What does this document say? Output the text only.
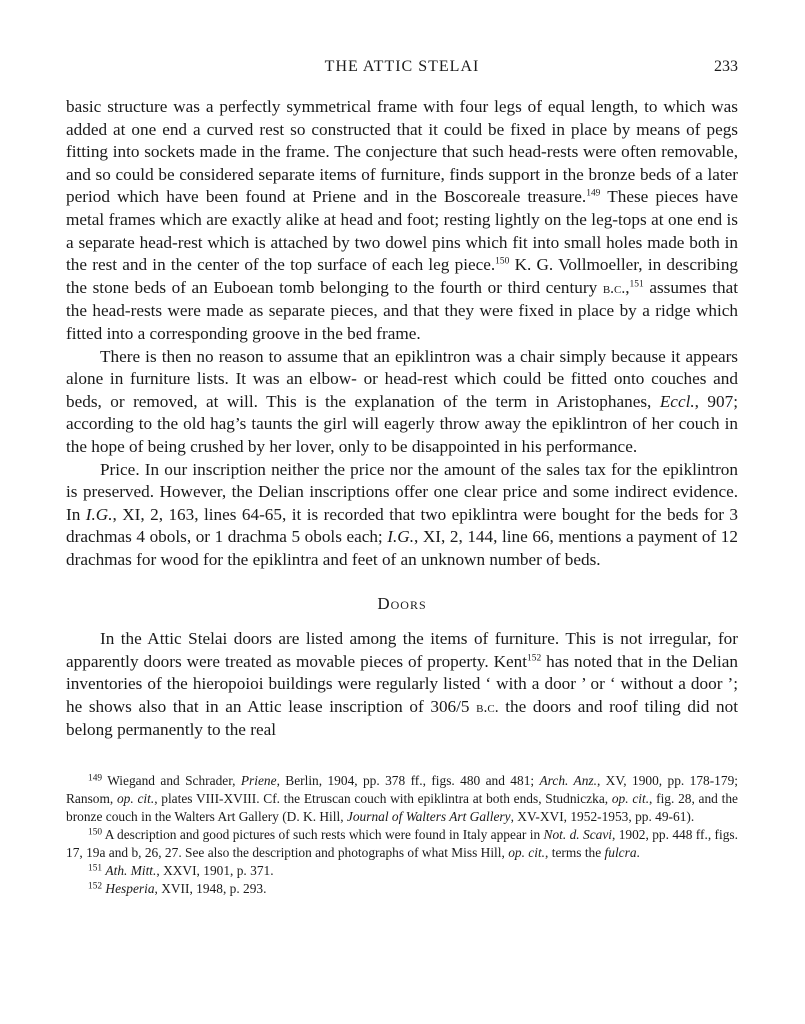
THE ATTIC STELAI	233

basic structure was a perfectly symmetrical frame with four legs of equal length, to which was added at one end a curved rest so constructed that it could be fixed in place by means of pegs fitting into sockets made in the frame. The conjecture that such head-rests were often removable, and so could be considered separate items of furniture, finds support in the bronze beds of a later period which have been found at Priene and in the Boscoreale treasure.$^{149}$ These pieces have metal frames which are exactly alike at head and foot; resting lightly on the leg-tops at one end is a separate head-rest which is attached by two dowel pins which fit into small holes made both in the rest and in the center of the top surface of each leg piece.$^{150}$ K. G. Vollmoeller, in describing the stone beds of an Euboean tomb belonging to the fourth or third century b.c.,$^{151}$ assumes that the head-rests were made as separate pieces, and that they were fixed in place by a ridge which fitted into a corresponding groove in the bed frame.

There is then no reason to assume that an epiklintron was a chair simply because it appears alone in furniture lists. It was an elbow- or head-rest which could be fitted onto couches and beds, or removed, at will. This is the explanation of the term in Aristophanes, Eccl., 907; according to the old hag’s taunts the girl will eagerly throw away the epiklintron of her couch in the hope of being crushed by her lover, only to be disappointed in his performance.

Price. In our inscription neither the price nor the amount of the sales tax for the epiklintron is preserved. However, the Delian inscriptions offer one clear price and some indirect evidence. In I.G., XI, 2, 163, lines 64-65, it is recorded that two epiklintra were bought for the beds for 3 drachmas 4 obols, or 1 drachma 5 obols each; I.G., XI, 2, 144, line 66, mentions a payment of 12 drachmas for wood for the epiklintra and feet of an unknown number of beds.

Doors

In the Attic Stelai doors are listed among the items of furniture. This is not irregular, for apparently doors were treated as movable pieces of property. Kent$^{152}$ has noted that in the Delian inventories of the hieropoioi buildings were regularly listed ‘ with a door ’ or ‘ without a door ’; he shows also that in an Attic lease inscription of 306/5 b.c. the doors and roof tiling did not belong permanently to the real

$^{149}$ Wiegand and Schrader, Priene, Berlin, 1904, pp. 378 ff., figs. 480 and 481; Arch. Anz., XV, 1900, pp. 178-179; Ransom, op. cit., plates VIII-XVIII. Cf. the Etruscan couch with epiklintra at both ends, Studniczka, op. cit., fig. 28, and the bronze couch in the Walters Art Gallery (D. K. Hill, Journal of Walters Art Gallery, XV-XVI, 1952-1953, pp. 49-61).

$^{150}$ A description and good pictures of such rests which were found in Italy appear in Not. d. Scavi, 1902, pp. 448 ff., figs. 17, 19a and b, 26, 27. See also the description and photographs of what Miss Hill, op. cit., terms the fulcra.

$^{151}$ Ath. Mitt., XXVI, 1901, p. 371.

$^{152}$ Hesperia, XVII, 1948, p. 293.
